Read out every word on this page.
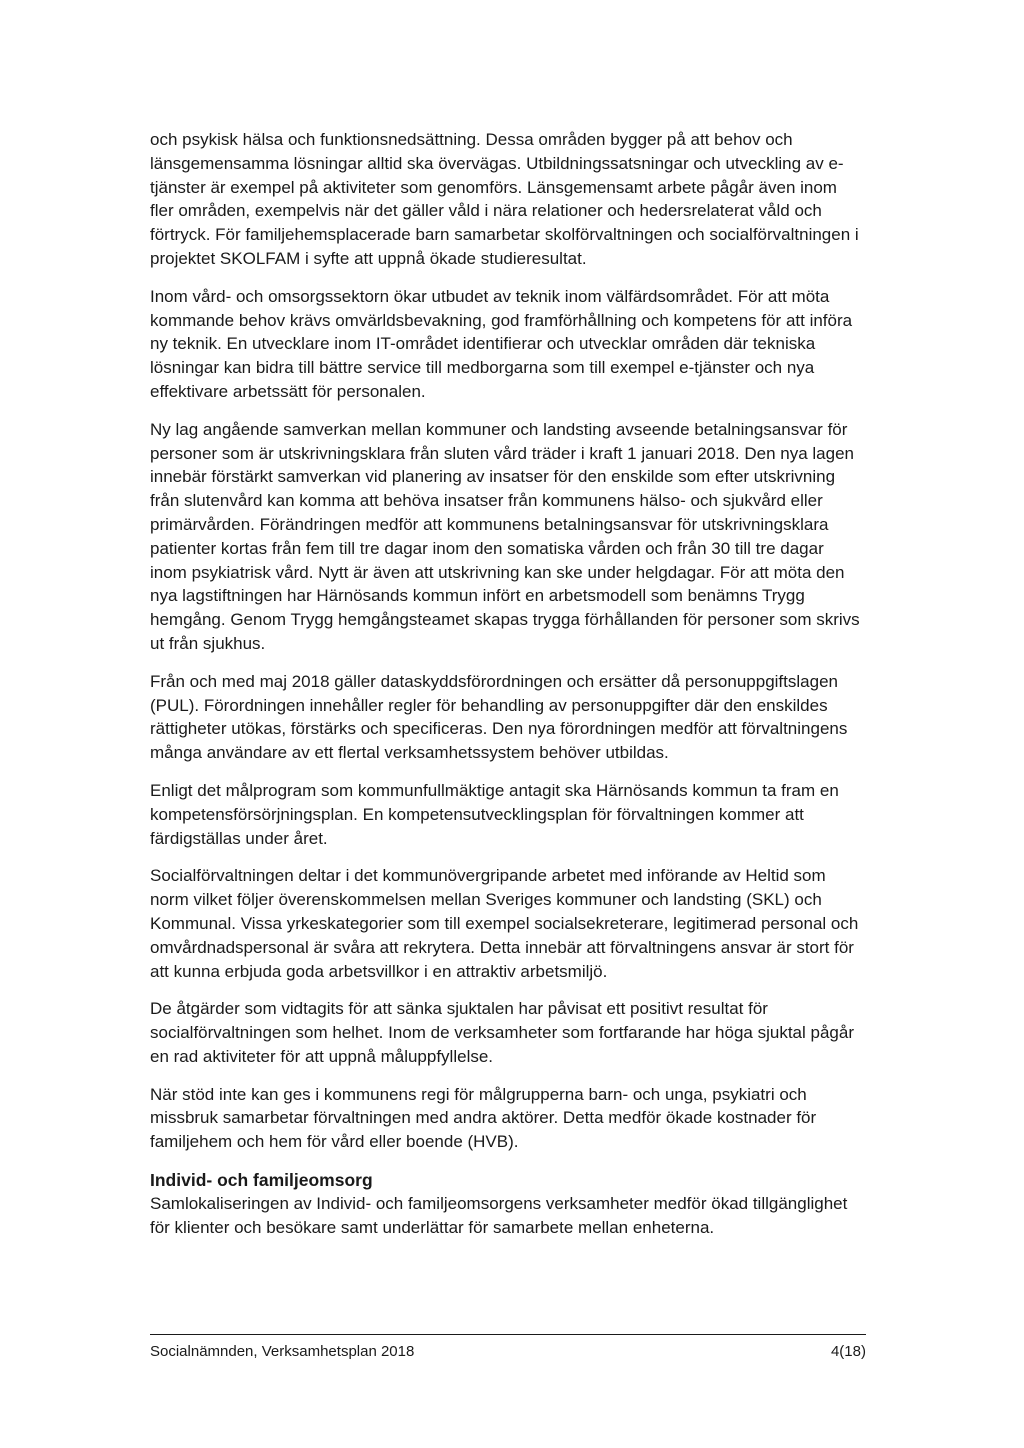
och psykisk hälsa och funktionsnedsättning. Dessa områden bygger på att behov och länsgemensamma lösningar alltid ska övervägas. Utbildningssatsningar och utveckling av e-tjänster är exempel på aktiviteter som genomförs. Länsgemensamt arbete pågår även inom fler områden, exempelvis när det gäller våld i nära relationer och hedersrelaterat våld och förtryck. För familjehemsplacerade barn samarbetar skolförvaltningen och socialförvaltningen i projektet SKOLFAM i syfte att uppnå ökade studieresultat.

Inom vård- och omsorgssektorn ökar utbudet av teknik inom välfärdsområdet. För att möta kommande behov krävs omvärldsbevakning, god framförhållning och kompetens för att införa ny teknik. En utvecklare inom IT-området identifierar och utvecklar områden där tekniska lösningar kan bidra till bättre service till medborgarna som till exempel e-tjänster och nya effektivare arbetssätt för personalen.

Ny lag angående samverkan mellan kommuner och landsting avseende betalningsansvar för personer som är utskrivningsklara från sluten vård träder i kraft 1 januari 2018. Den nya lagen innebär förstärkt samverkan vid planering av insatser för den enskilde som efter utskrivning från slutenvård kan komma att behöva insatser från kommunens hälso- och sjukvård eller primärvården. Förändringen medför att kommunens betalningsansvar för utskrivningsklara patienter kortas från fem till tre dagar inom den somatiska vården och från 30 till tre dagar inom psykiatrisk vård. Nytt är även att utskrivning kan ske under helgdagar. För att möta den nya lagstiftningen har Härnösands kommun infört en arbetsmodell som benämns Trygg hemgång. Genom Trygg hemgångsteamet skapas trygga förhållanden för personer som skrivs ut från sjukhus.

Från och med maj 2018 gäller dataskyddsförordningen och ersätter då personuppgiftslagen (PUL). Förordningen innehåller regler för behandling av personuppgifter där den enskildes rättigheter utökas, förstärks och specificeras. Den nya förordningen medför att förvaltningens många användare av ett flertal verksamhetssystem behöver utbildas.

Enligt det målprogram som kommunfullmäktige antagit ska Härnösands kommun ta fram en kompetensförsörjningsplan. En kompetensutvecklingsplan för förvaltningen kommer att färdigställas under året.

Socialförvaltningen deltar i det kommunövergripande arbetet med införande av Heltid som norm vilket följer överenskommelsen mellan Sveriges kommuner och landsting (SKL) och Kommunal. Vissa yrkeskategorier som till exempel socialsekreterare, legitimerad personal och omvårdnadspersonal är svåra att rekrytera. Detta innebär att förvaltningens ansvar är stort för att kunna erbjuda goda arbetsvillkor i en attraktiv arbetsmiljö.

De åtgärder som vidtagits för att sänka sjuktalen har påvisat ett positivt resultat för socialförvaltningen som helhet. Inom de verksamheter som fortfarande har höga sjuktal pågår en rad aktiviteter för att uppnå måluppfyllelse.

När stöd inte kan ges i kommunens regi för målgrupperna barn- och unga, psykiatri och missbruk samarbetar förvaltningen med andra aktörer. Detta medför ökade kostnader för familjehem och hem för vård eller boende (HVB).

Individ- och familjeomsorg

Samlokaliseringen av Individ- och familjeomsorgens verksamheter medför ökad tillgänglighet för klienter och besökare samt underlättar för samarbete mellan enheterna.

Socialnämnden, Verksamhetsplan 2018	4(18)
